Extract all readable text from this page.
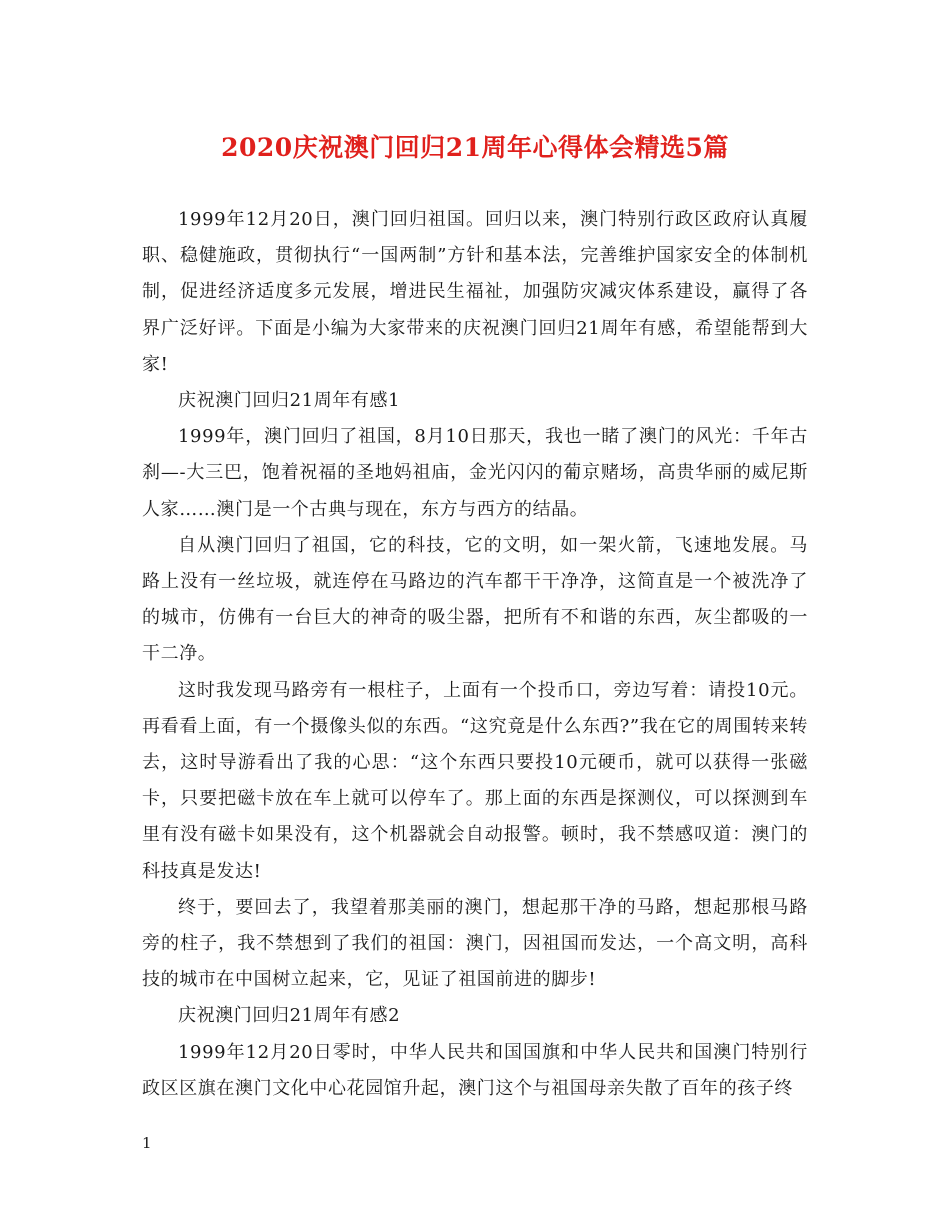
2020庆祝澳门回归21周年心得体会精选5篇

1999年12月20日，澳门回归祖国。回归以来，澳门特别行政区政府认真履职、稳健施政，贯彻执行“一国两制”方针和基本法，完善维护国家安全的体制机制，促进经济适度多元发展，增进民生福祉，加强防灾减灾体系建设，赢得了各界广泛好评。下面是小编为大家带来的庆祝澳门回归21周年有感，希望能帮到大家!

庆祝澳门回归21周年有感1

1999年，澳门回归了祖国，8月10日那天，我也一睹了澳门的风光：千年古刹—-大三巴，饱着祝福的圣地妈祖庙，金光闪闪的葡京赌场，高贵华丽的威尼斯人家……澳门是一个古典与现在，东方与西方的结晶。

自从澳门回归了祖国，它的科技，它的文明，如一架火箭，飞速地发展。马路上没有一丝垃圾，就连停在马路边的汽车都干干净净，这简直是一个被洗净了的城市，仿佛有一台巨大的神奇的吸尘器，把所有不和谐的东西，灰尘都吸的一干二净。

这时我发现马路旁有一根柱子，上面有一个投币口，旁边写着：请投10元。再看看上面，有一个摄像头似的东西。“这究竟是什么东西?”我在它的周围转来转去，这时导游看出了我的心思：“这个东西只要投10元硬币，就可以获得一张磁卡，只要把磁卡放在车上就可以停车了。那上面的东西是探测仪，可以探测到车里有没有磁卡如果没有，这个机器就会自动报警。顿时，我不禁感叹道：澳门的科技真是发达!

终于，要回去了，我望着那美丽的澳门，想起那干净的马路，想起那根马路旁的柱子，我不禁想到了我们的祖国：澳门，因祖国而发达，一个高文明，高科技的城市在中国树立起来，它，见证了祖国前进的脚步!

庆祝澳门回归21周年有感2

1999年12月20日零时，中华人民共和国国旗和中华人民共和国澳门特别行政区区旗在澳门文化中心花园馆升起，澳门这个与祖国母亲失散了百年的孩子终

1
